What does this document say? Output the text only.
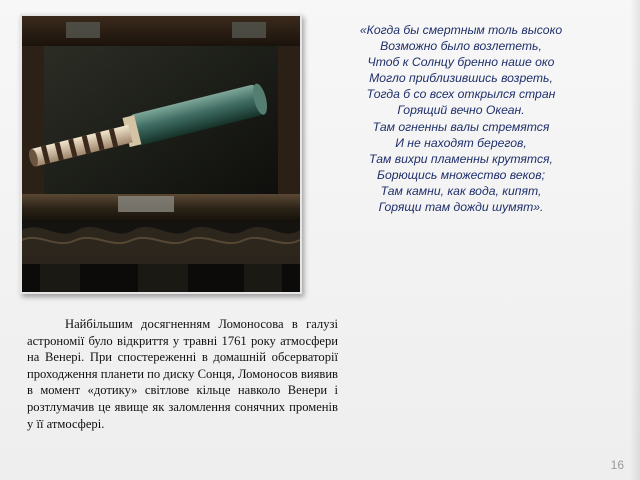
«Когда бы смертным толь высоко
Возможно было возлететь,
Чтоб к Солнцу бренно наше око
Могло приблизившись возреть,
Тогда б со всех открылся стран
Горящий вечно Океан.
Там огненны валы стремятся
И не находят берегов,
Там вихри пламенны крутятся,
Борющись множество веков;
Там камни, как вода, кипят,
Горящи там дожди шумят».
Найбільшим досягненням Ломоносова в галузі астрономії було відкриття у травні 1761 року атмосфери на Венері. При спостереженні в домашній обсерваторії проходження планети по диску Сонця, Ломоносов виявив в момент «дотику» світлове кільце навколо Венери і розтлумачив це явище як заломлення сонячних променів у її атмосфері.
16
